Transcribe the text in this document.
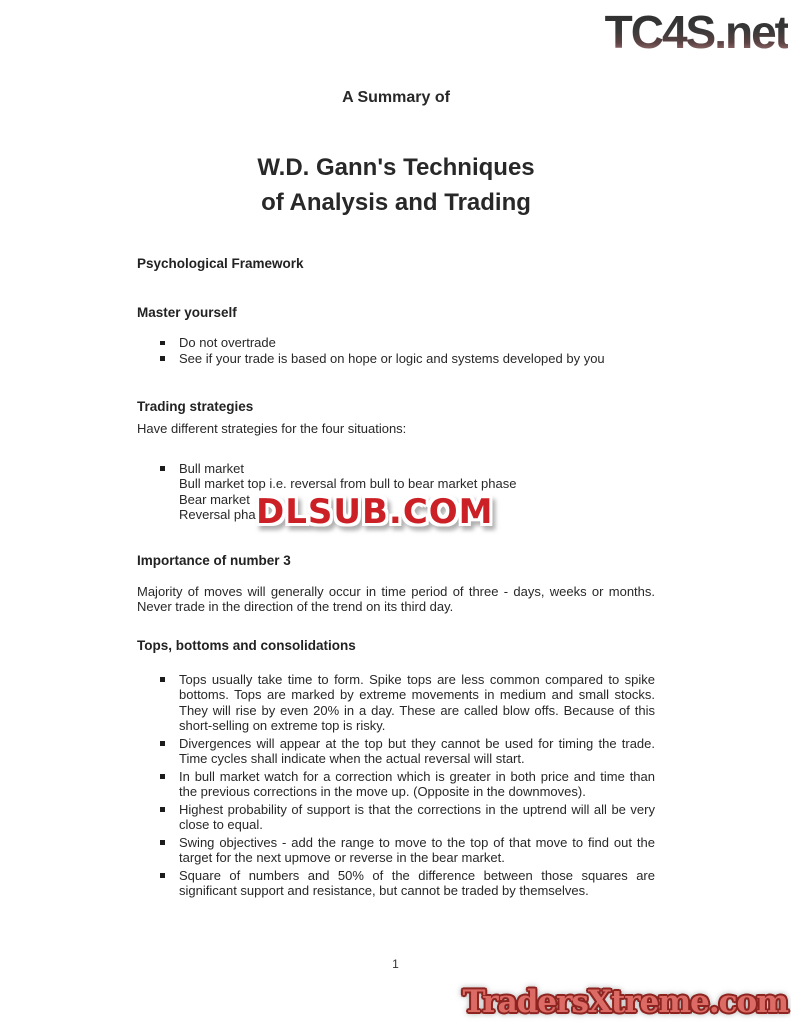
TC4S.net
A Summary of
W.D. Gann's Techniques
of Analysis and Trading
Psychological Framework
Master yourself
Do not overtrade
See if your trade is based on hope or logic and systems developed by you
Trading strategies

Have different strategies for the four situations:

Bull market
Bull market top i.e. reversal from bull to bear market phase
Bear market
Reversal phas
Importance of number 3

Majority of moves will generally occur in time period of three - days, weeks or months. Never trade in the direction of the trend on its third day.

Tops, bottoms and consolidations
Tops usually take time to form. Spike tops are less common compared to spike bottoms. Tops are marked by extreme movements in medium and small stocks. They will rise by even 20% in a day. These are called blow offs. Because of this short-selling on extreme top is risky.
Divergences will appear at the top but they cannot be used for timing the trade. Time cycles shall indicate when the actual reversal will start.
In bull market watch for a correction which is greater in both price and time than the previous corrections in the move up. (Opposite in the downmoves).
Highest probability of support is that the corrections in the uptrend will all be very close to equal.
Swing objectives - add the range to move to the top of that move to find out the target for the next upmove or reverse in the bear market.
Square of numbers and 50% of the difference between those squares are significant support and resistance, but cannot be traded by themselves.
DLSUB.COM
1
TradersXtreme.com
